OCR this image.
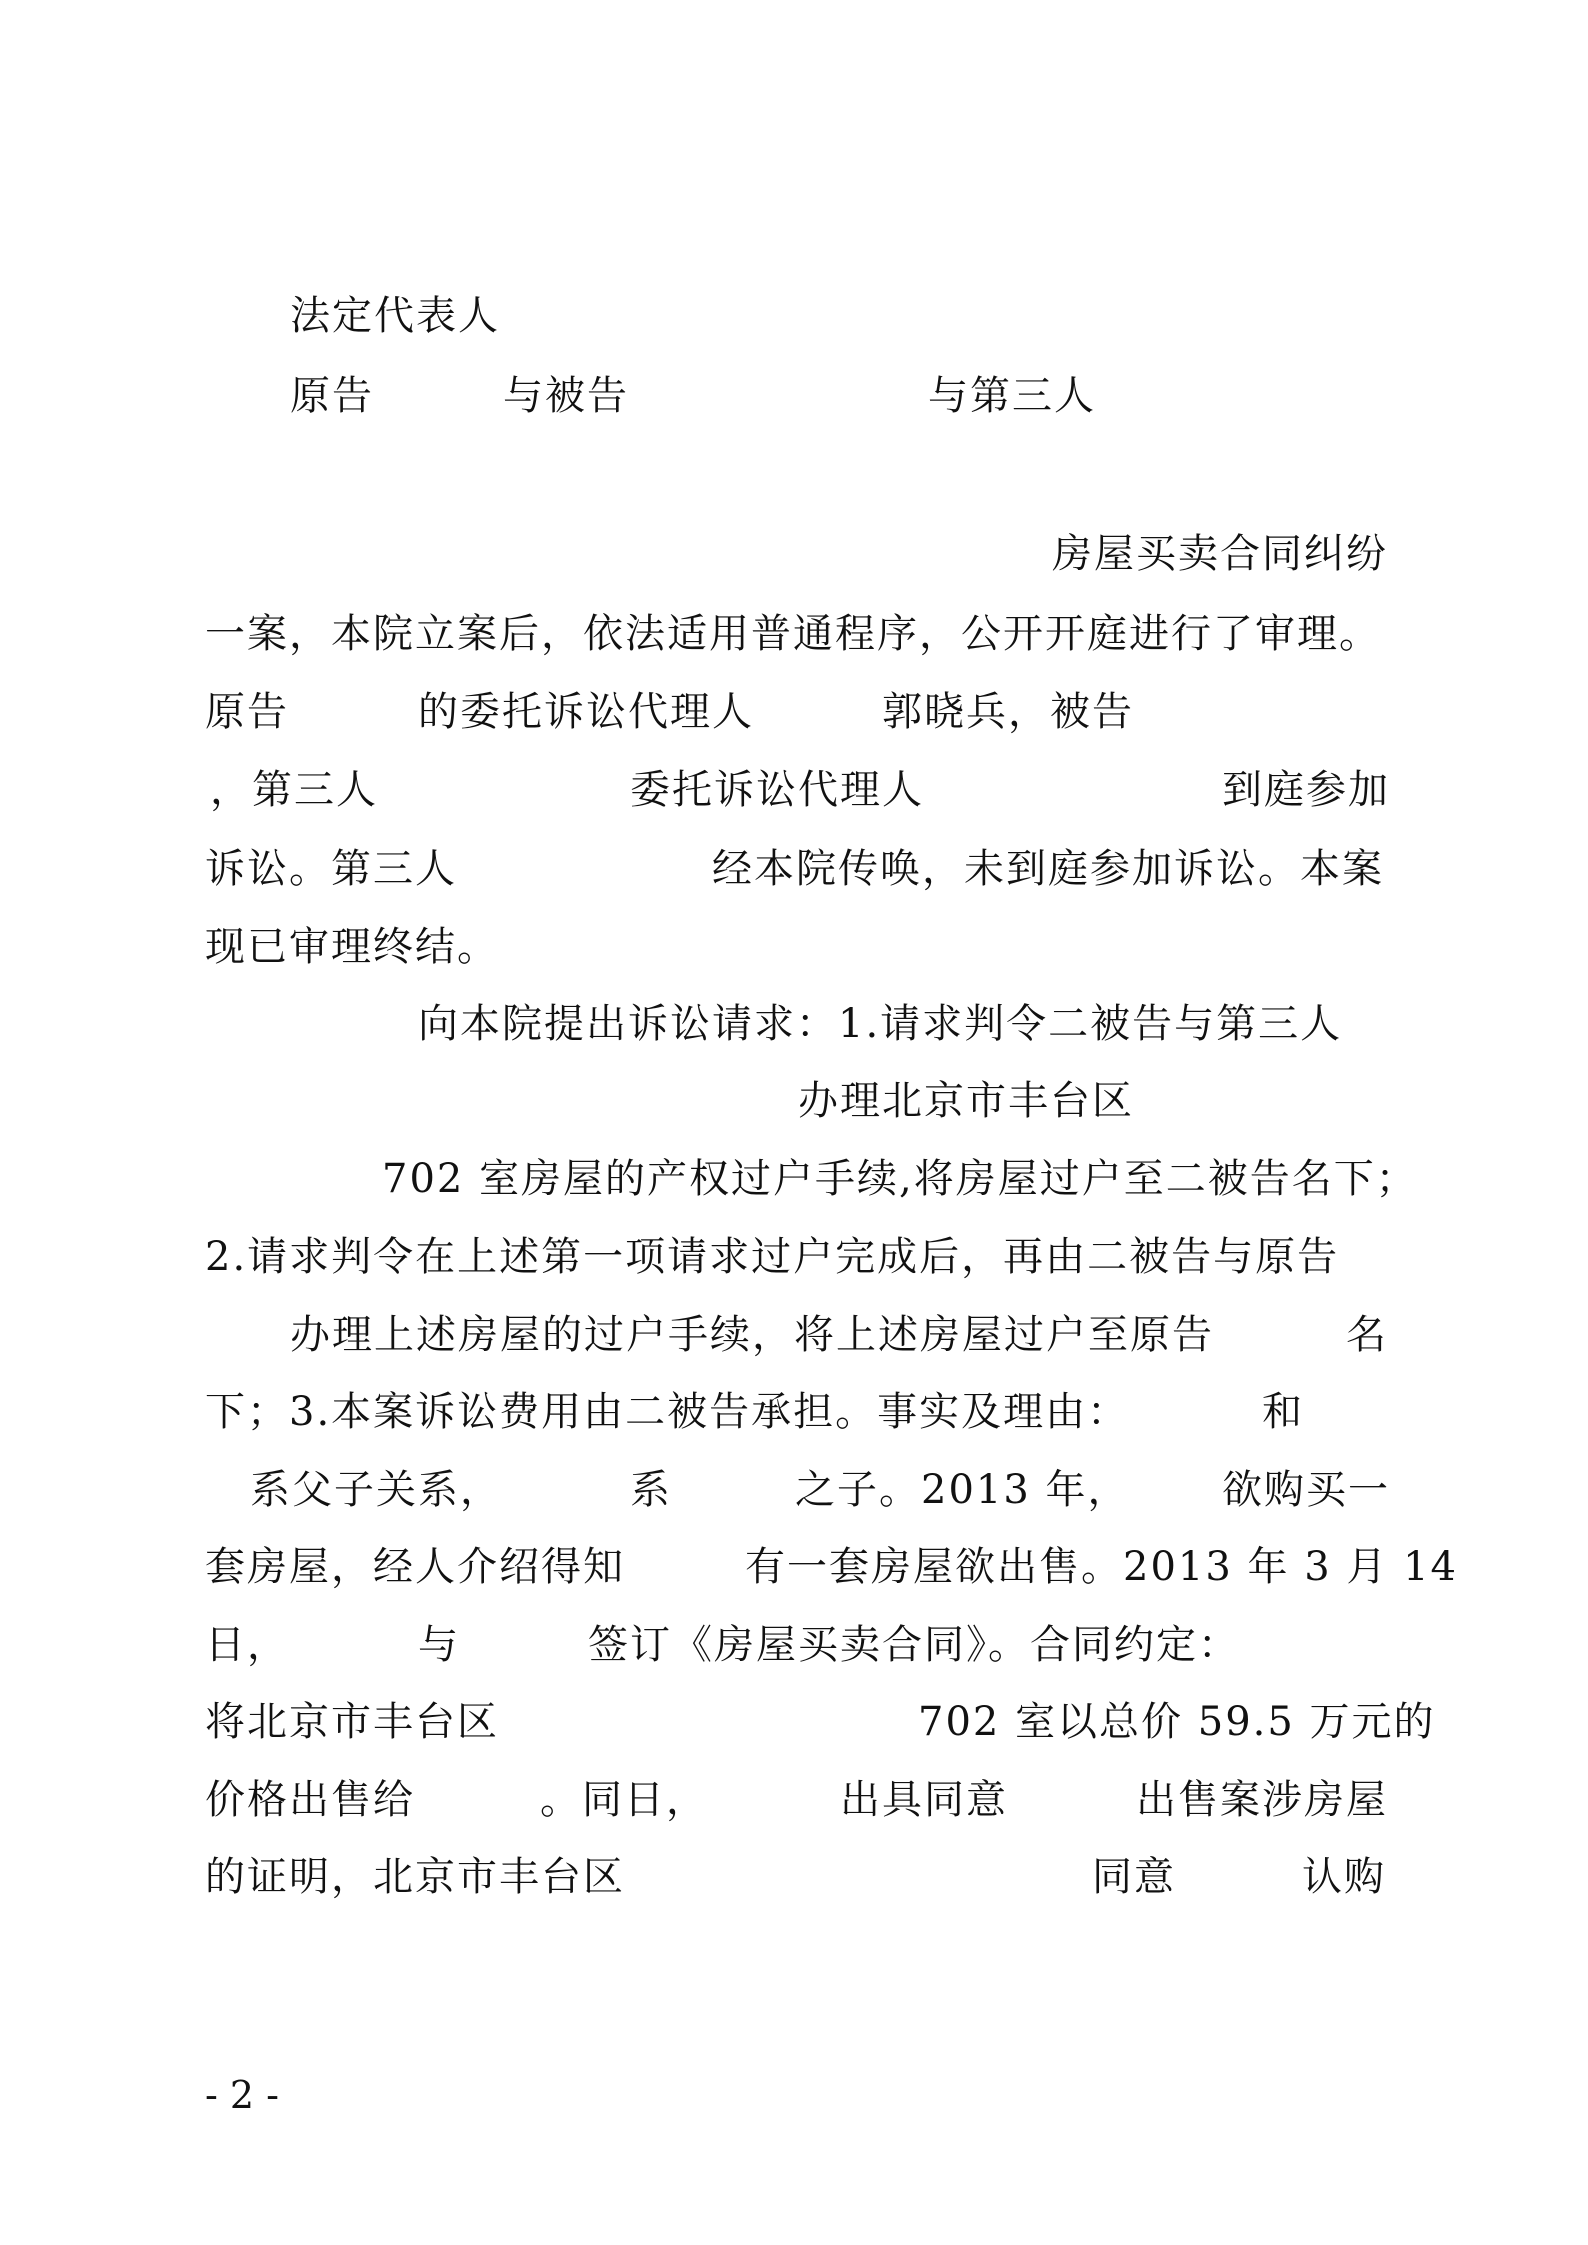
法定代表人
原告	与被告	与第三人
房屋买卖合同纠纷
一案，本院立案后，依法适用普通程序，公开开庭进行了审理。
原告	的委托诉讼代理人	郭晓兵，被告
，第三人	委托诉讼代理人	到庭参加
诉讼。第三人	经本院传唤，未到庭参加诉讼。本案
现已审理终结。
向本院提出诉讼请求：1.请求判令二被告与第三人
办理北京市丰台区
702 室房屋的产权过户手续,将房屋过户至二被告名下；
2.请求判令在上述第一项请求过户完成后，再由二被告与原告
办理上述房屋的过户手续，将上述房屋过户至原告	名
下；3.本案诉讼费用由二被告承担。事实及理由：	和
系父子关系，	系	之子。2013 年， 欲购买一
套房屋，经人介绍得知	有一套房屋欲出售。2013 年 3 月 14
日，	与	签订《房屋买卖合同》。合同约定：
将北京市丰台区	702 室以总价 59.5 万元的
价格出售给	。同日，	出具同意	出售案涉房屋
的证明，北京市丰台区	同意	认购
- 2 -
